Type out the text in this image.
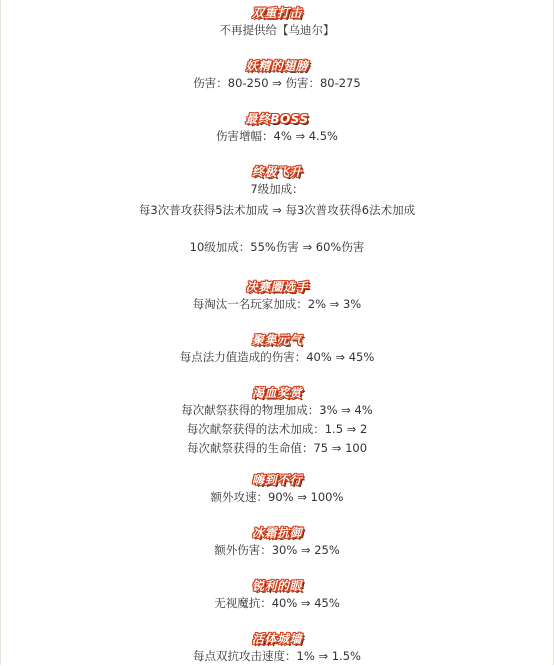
双重打击
不再提供给【乌迪尔】
妖精的翅膀
伤害：80-250 ⇒ 伤害：80-275
最终BOSS
伤害增幅：4% ⇒ 4.5%
终极飞升
7级加成：
每3次普攻获得5法术加成 ⇒ 每3次普攻获得6法术加成
10级加成：55%伤害 ⇒ 60%伤害
决赛圈选手
每淘汰一名玩家加成：2% ⇒ 3%
聚集元气
每点法力值造成的伤害：40% ⇒ 45%
渴血奖赏
每次献祭获得的物理加成：3% ⇒ 4%
每次献祭获得的法术加成：1.5 ⇒ 2
每次献祭获得的生命值：75 ⇒ 100
嗨到不行
额外攻速：90% ⇒ 100%
冰霜抗御
额外伤害：30% ⇒ 25%
锐利的眼
无视魔抗：40% ⇒ 45%
活体城墙
每点双抗攻击速度：1% ⇒ 1.5%
